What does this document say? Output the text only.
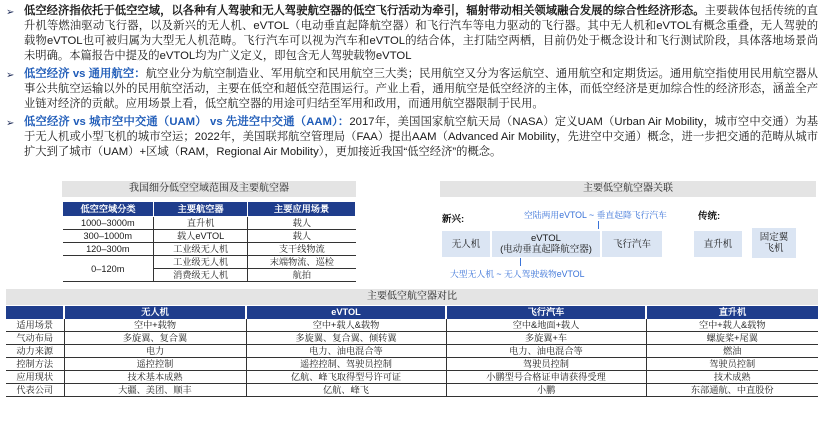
➢ 低空经济指依托于低空空域，以各种有人驾驶和无人驾驶航空器的低空飞行活动为牵引，辐射带动相关领域融合发展的综合性经济形态。主要载体包括传统的直升机等燃油驱动飞行器，以及新兴的无人机、eVTOL（电动垂直起降航空器）和飞行汽车等电力驱动的飞行器。其中无人机和eVTOL有概念重叠，无人驾驶的载物eVTOL也可被归属为大型无人机范畴。飞行汽车可以视为汽车和eVTOL的结合体，主打陆空两栖，目前仍处于概念设计和飞行测试阶段，具体落地场景尚未明确。本篇报告中提及的eVTOL均为广义定义，即包含无人驾驶载物eVTOL
➢ 低空经济 vs 通用航空：航空业分为航空制造业、军用航空和民用航空三大类；民用航空又分为客运航空、通用航空和定期货运。通用航空指使用民用航空器从事公共航空运输以外的民用航空活动，主要在低空和超低空范围运行。产业上看，通用航空是低空经济的主体，而低空经济是更加综合性的经济形态，涵盖全产业链对经济的贡献。应用场景上看，低空航空器的用途可归结至军用和政用，而通用航空器限制于民用。
➢ 低空经济 vs 城市空中交通（UAM） vs 先进空中交通（AAM）：2017年，美国国家航空航天局（NASA）定义UAM（Urban Air Mobility，城市空中交通）为基于无人机或小型飞机的城市空运；2022年，美国联邦航空管理局（FAA）提出AAM（Advanced Air Mobility，先进空中交通）概念，进一步把交通的范畴从城市扩大到了城市（UAM）+区域（RAM，Regional Air Mobility），更加接近我国“低空经济”的概念。
我国细分低空空域范围及主要航空器
低空空域分类	主要航空器	主要应用场景
1000–3000m	直升机	载人
300–1000m	载人eVTOL	载人
120–300m	工业级无人机	支干线物流
0–120m	工业级无人机	末端物流、巡检
	消费级无人机	航拍
主要低空航空器关联
新兴:	传统:
空陆两用eVTOL ~ 垂直起降飞行汽车
无人机	eVTOL
(电动垂直起降航空器)	飞行汽车	直升机
固定翼
飞机
大型无人机 ~ 无人驾驶载物eVTOL
主要低空航空器对比
	无人机	eVTOL	飞行汽车	直升机
适用场景	空中+载物	空中+载人&载物	空中&地面+载人	空中+载人&载物
气动布局	多旋翼、复合翼	多旋翼、复合翼、倾转翼	多旋翼+车	螺旋桨+尾翼
动力来源	电力	电力、油电混合等	电力、油电混合等	燃油
控制方法	遥控控制	遥控控制、驾驶员控制	驾驶员控制	驾驶员控制
应用现状	技术基本成熟	亿航、峰飞取得型号许可证	小鹏型号合格证申请获得受理	技术成熟
代表公司	大疆、美团、顺丰	亿航、峰飞	小鹏	东部通航、中直股份
